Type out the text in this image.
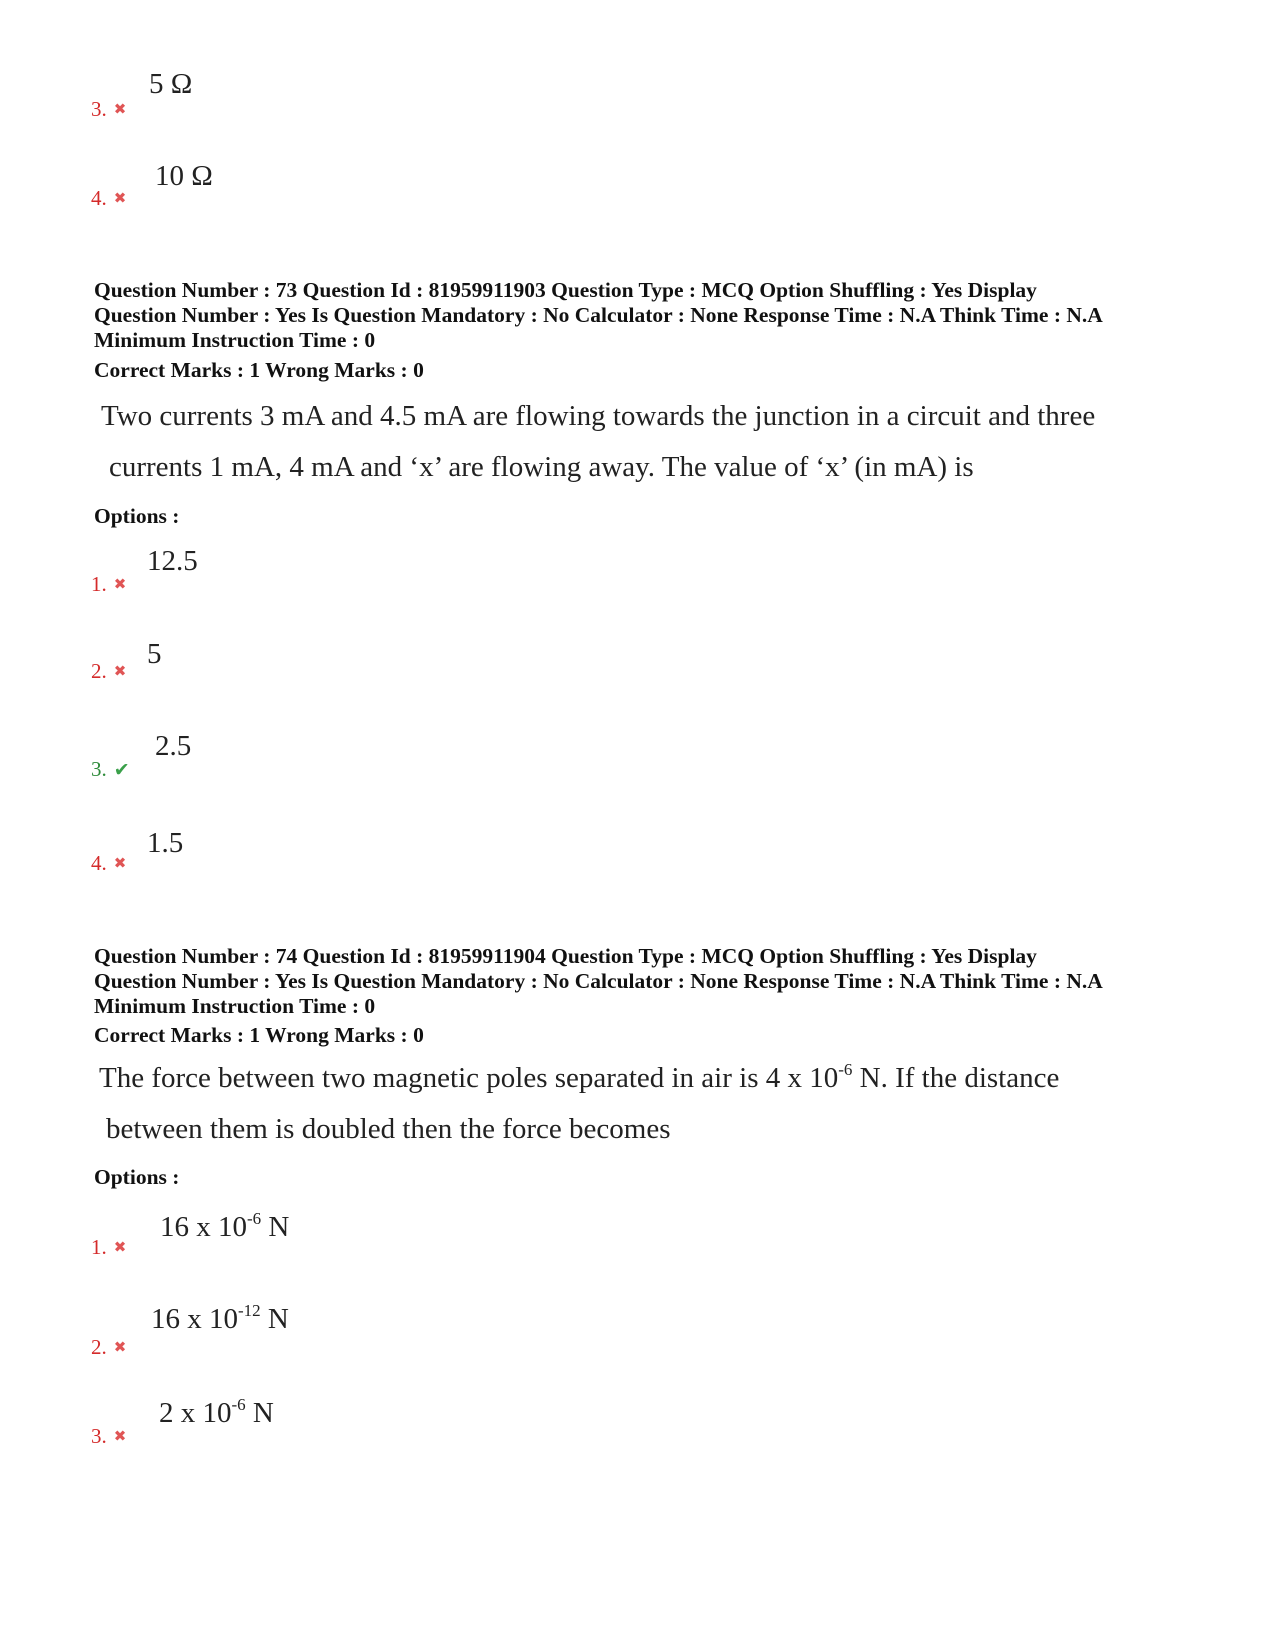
5 Ω
3. ✖
10 Ω
4. ✖
Question Number : 73 Question Id : 81959911903 Question Type : MCQ Option Shuffling : Yes Display
Question Number : Yes Is Question Mandatory : No Calculator : None Response Time : N.A Think Time : N.A
Minimum Instruction Time : 0
Correct Marks : 1 Wrong Marks : 0
Two currents 3 mA and 4.5 mA are flowing towards the junction in a circuit and three
currents 1 mA, 4 mA and ‘x’ are flowing away. The value of ‘x’ (in mA) is
Options :
12.5
1. ✖
5
2. ✖
2.5
3. ✔
1.5
4. ✖
Question Number : 74 Question Id : 81959911904 Question Type : MCQ Option Shuffling : Yes Display
Question Number : Yes Is Question Mandatory : No Calculator : None Response Time : N.A Think Time : N.A
Minimum Instruction Time : 0
Correct Marks : 1 Wrong Marks : 0
The force between two magnetic poles separated in air is 4 x $10^{-6}$ N. If the distance
between them is doubled then the force becomes
Options :
16 x $10^{-6}$ N
1. ✖
16 x $10^{-12}$ N
2. ✖
2 x $10^{-6}$ N
3. ✖
